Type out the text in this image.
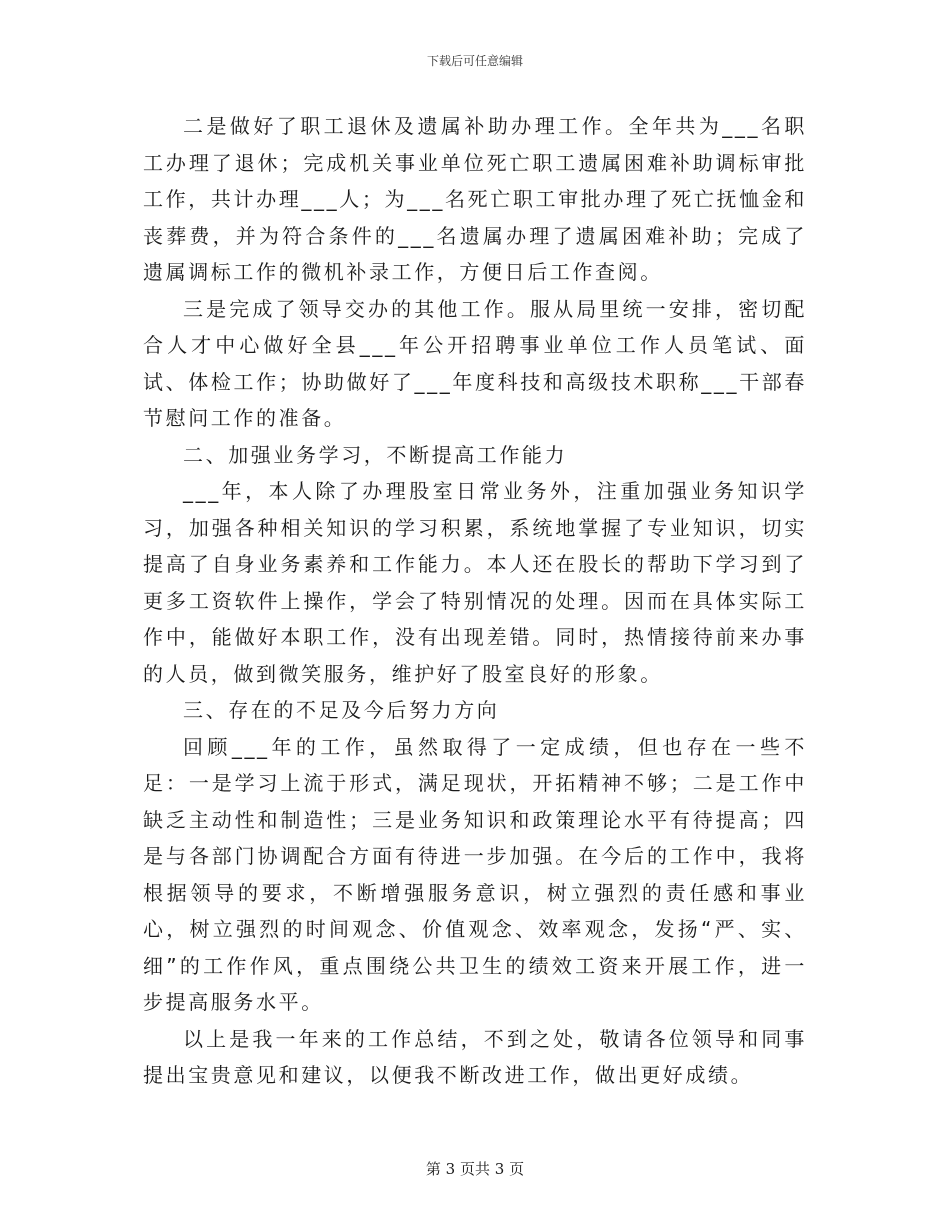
下载后可任意编辑

二是做好了职工退休及遗属补助办理工作。全年共为___名职工办理了退休；完成机关事业单位死亡职工遗属困难补助调标审批工作，共计办理___人；为___名死亡职工审批办理了死亡抚恤金和丧葬费，并为符合条件的___名遗属办理了遗属困难补助；完成了遗属调标工作的微机补录工作，方便日后工作查阅。

三是完成了领导交办的其他工作。服从局里统一安排，密切配合人才中心做好全县___年公开招聘事业单位工作人员笔试、面试、体检工作；协助做好了___年度科技和高级技术职称___干部春节慰问工作的准备。

二、加强业务学习，不断提高工作能力

___年，本人除了办理股室日常业务外，注重加强业务知识学习，加强各种相关知识的学习积累，系统地掌握了专业知识，切实提高了自身业务素养和工作能力。本人还在股长的帮助下学习到了更多工资软件上操作，学会了特别情况的处理。因而在具体实际工作中，能做好本职工作，没有出现差错。同时，热情接待前来办事的人员，做到微笑服务，维护好了股室良好的形象。

三、存在的不足及今后努力方向

回顾___年的工作，虽然取得了一定成绩，但也存在一些不足：一是学习上流于形式，满足现状，开拓精神不够；二是工作中缺乏主动性和制造性；三是业务知识和政策理论水平有待提高；四是与各部门协调配合方面有待进一步加强。在今后的工作中，我将根据领导的要求，不断增强服务意识，树立强烈的责任感和事业心，树立强烈的时间观念、价值观念、效率观念，发扬“严、实、细”的工作作风，重点围绕公共卫生的绩效工资来开展工作，进一步提高服务水平。

以上是我一年来的工作总结，不到之处，敬请各位领导和同事提出宝贵意见和建议，以便我不断改进工作，做出更好成绩。

第 3 页共 3 页
